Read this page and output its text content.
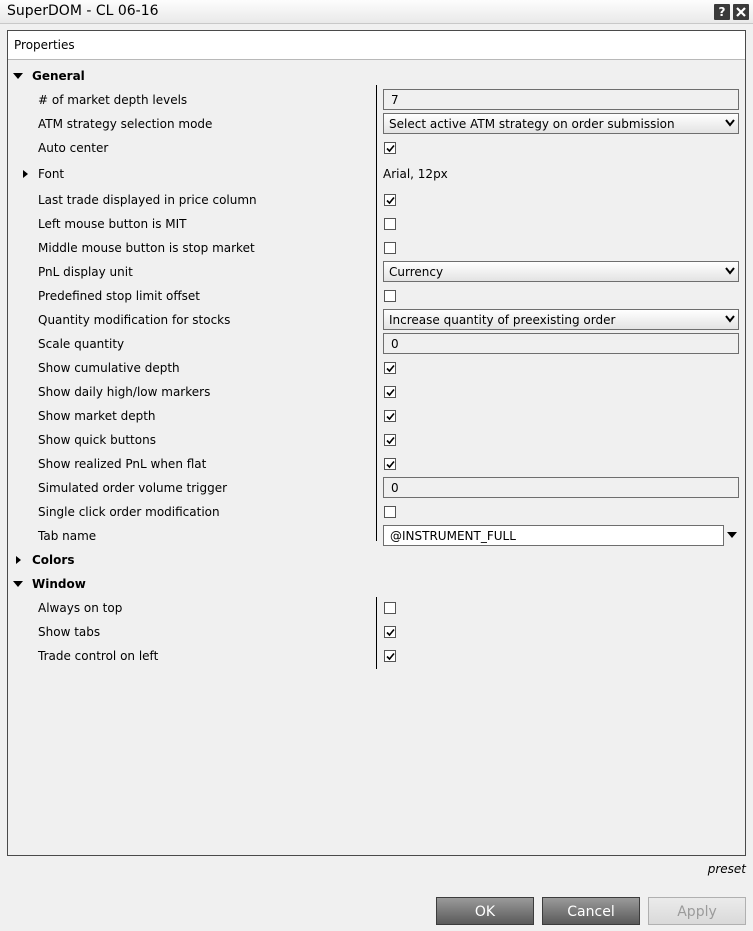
SuperDOM - CL 06-16	?
Properties
General
# of market depth levels	7
ATM strategy selection mode	Select active ATM strategy on order submission
Auto center
Font	Arial, 12px
Last trade displayed in price column
Left mouse button is MIT
Middle mouse button is stop market
PnL display unit	Currency
Predefined stop limit offset
Quantity modification for stocks	Increase quantity of preexisting order
Scale quantity	0
Show cumulative depth
Show daily high/low markers
Show market depth
Show quick buttons
Show realized PnL when flat
Simulated order volume trigger	0
Single click order modification
Tab name	@INSTRUMENT_FULL
Colors
Window
Always on top
Show tabs
Trade control on left
preset
OK	Cancel	Apply
